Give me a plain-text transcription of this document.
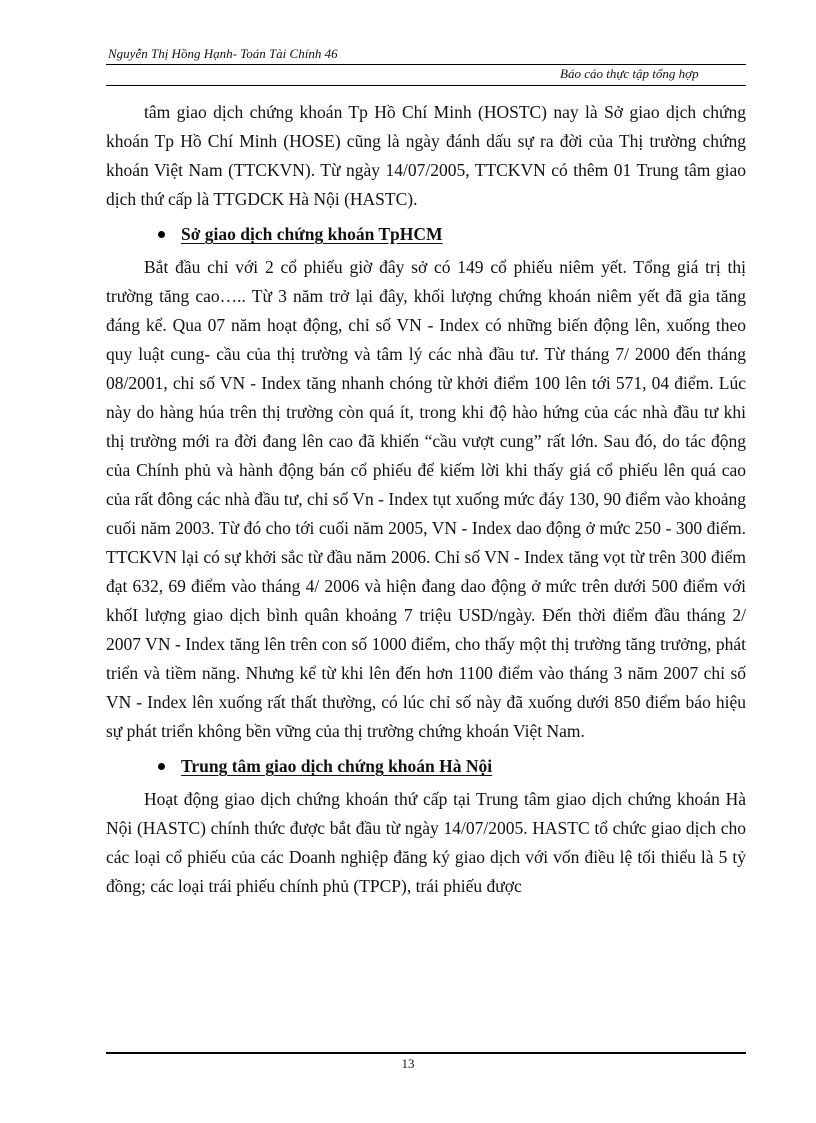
Nguyễn Thị Hồng Hạnh- Toán Tài Chính 46
Báo cáo thực tập tổng hợp

tâm giao dịch chứng khoán Tp Hồ Chí Minh (HOSTC) nay là Sở giao dịch chứng khoán Tp Hồ Chí Minh (HOSE) cũng là ngày đánh dấu sự ra đời của Thị trường chứng khoán Việt Nam (TTCKVN). Từ ngày 14/07/2005, TTCKVN có thêm 01 Trung tâm giao dịch thứ cấp là TTGDCK Hà Nội (HASTC).

Sở giao dịch chứng khoán TpHCM

Bắt đầu chỉ với 2 cổ phiếu giờ đây sở có 149 cổ phiếu niêm yết. Tổng giá trị thị trường tăng cao….. Từ 3 năm trở lại đây, khối lượng chứng khoán niêm yết đã gia tăng đáng kể. Qua 07 năm hoạt động, chỉ số VN - Index có những biến động lên, xuống theo quy luật cung- cầu của thị trường và tâm lý các nhà đầu tư. Từ tháng 7/ 2000 đến tháng 08/2001, chỉ số VN - Index tăng nhanh chóng từ khởi điểm 100 lên tới 571, 04 điểm. Lúc này do hàng húa trên thị trường còn quá ít, trong khi độ hào hứng của các nhà đầu tư khi thị trường mới ra đời đang lên cao đã khiến “cầu vượt cung” rất lớn. Sau đó, do tác động của Chính phủ và hành động bán cổ phiếu để kiếm lời khi thấy giá cổ phiếu lên quá cao của rất đông các nhà đầu tư, chỉ số Vn - Index tụt xuống mức đáy 130, 90 điểm vào khoảng cuối năm 2003. Từ đó cho tới cuối năm 2005, VN - Index dao động ở mức 250 - 300 điểm. TTCKVN lại có sự khởi sắc từ đầu năm 2006. Chỉ số VN - Index tăng vọt từ trên 300 điểm đạt 632, 69 điểm vào tháng 4/ 2006 và hiện đang dao động ở mức trên dưới 500 điểm với khốI lượng giao dịch bình quân khoảng 7 triệu USD/ngày. Đến thời điểm đầu tháng 2/ 2007 VN - Index tăng lên trên con số 1000 điểm, cho thấy một thị trường tăng trưởng, phát triển và tiềm năng. Nhưng kể từ khi lên đến hơn 1100 điểm vào tháng 3 năm 2007 chỉ số VN - Index lên xuống rất thất thường, có lúc chỉ số này đã xuống dưới 850 điểm báo hiệu sự phát triển không bền vững của thị trường chứng khoán Việt Nam.

Trung tâm giao dịch chứng khoán Hà Nội

Hoạt động giao dịch chứng khoán thứ cấp tại Trung tâm giao dịch chứng khoán Hà Nội (HASTC) chính thức được bắt đầu từ ngày 14/07/2005. HASTC tổ chức giao dịch cho các loại cổ phiếu của các Doanh nghiệp đăng ký giao dịch với vốn điều lệ tối thiểu là 5 tỷ đồng; các loại trái phiếu chính phủ (TPCP), trái phiếu được

13
